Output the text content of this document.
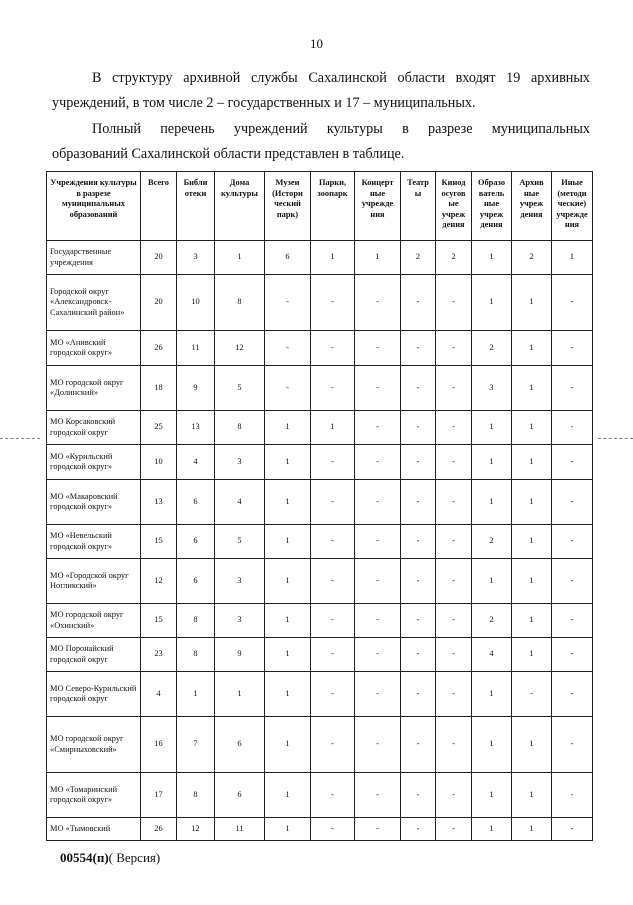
10
В структуру архивной службы Сахалинской области входят 19 архивных
учреждений, в том числе 2 – государственных и 17 – муниципальных.
Полный перечень учреждений культуры в разрезе муниципальных
образований Сахалинской области представлен в таблице.
Учреждения культуры в разрезе муниципальных образований	Всего	Библи отеки	Дома культуры	Музеи (Истори ческий парк)	Парки, зоопарк	Концерт ные учрежде ния	Театр ы	Кинод осугов ые учреж дения	Образо ватель ные учреж дения	Архив ные учреж дения	Иные (методи ческие) учрежде ния
Государственные учреждения	20	3	1	6	1	1	2	2	1	2	1
Городской округ «Александровск-Сахалинский район»	20	10	8	-	-	-	-	-	1	1	-
МО «Анивский городской округ»	26	11	12	-	-	-	-	-	2	1	-
МО городской округ «Долинский»	18	9	5	-	-	-	-	-	3	1	-
МО Корсаковский городской округ	25	13	8	1	1	-	-	-	1	1	-
МО «Курильский городской округ»	10	4	3	1	-	-	-	-	1	1	-
МО «Макаровский городской округ»	13	6	4	1	-	-	-	-	1	1	-
МО «Невельский городской округ»	15	6	5	1	-	-	-	-	2	1	-
МО «Городской округ Ногликский»	12	6	3	1	-	-	-	-	1	1	-
МО городской округ «Охинский»	15	8	3	1	-	-	-	-	2	1	-
МО Поронайский городской округ	23	8	9	1	-	-	-	-	4	1	-
МО Северо-Курильский городской округ	4	1	1	1	-	-	-	-	1	-	-
МО городской округ «Смирныховский»	16	7	6	1	-	-	-	-	1	1	-
МО «Томаринский городской округ»	17	8	6	1	-	-	-	-	1	1	-
МО «Тымовский	26	12	11	1	-	-	-	-	1	1	-
00554(п)( Версия)
